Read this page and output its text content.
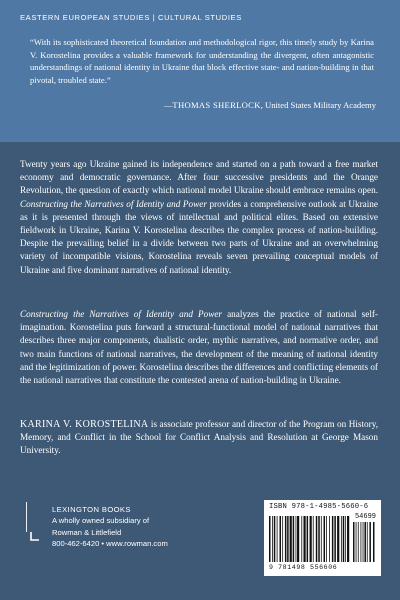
EASTERN EUROPEAN STUDIES | CULTURAL STUDIES
“With its sophisticated theoretical foundation and methodological rigor, this timely study by Karina V. Korostelina provides a valuable framework for understanding the divergent, often antagonistic understandings of national identity in Ukraine that block effective state- and nation-building in that pivotal, troubled state.”
—THOMAS SHERLOCK, United States Military Academy
Twenty years ago Ukraine gained its independence and started on a path toward a free market economy and democratic governance. After four successive presidents and the Orange Revolution, the question of exactly which national model Ukraine should embrace remains open. Constructing the Narratives of Identity and Power provides a comprehensive outlook at Ukraine as it is presented through the views of intellectual and political elites. Based on extensive fieldwork in Ukraine, Karina V. Korostelina describes the complex process of nation-building. Despite the prevailing belief in a divide between two parts of Ukraine and an overwhelming variety of incompatible visions, Korostelina reveals seven prevailing conceptual models of Ukraine and five dominant narratives of national identity.
Constructing the Narratives of Identity and Power analyzes the practice of national self-imagination. Korostelina puts forward a structural-functional model of national narratives that describes three major components, dualistic order, mythic narratives, and normative order, and two main functions of national narratives, the development of the meaning of national identity and the legitimization of power. Korostelina describes the differences and conflicting elements of the national narratives that constitute the contested arena of nation-building in Ukraine.
KARINA V. KOROSTELINA is associate professor and director of the Program on History, Memory, and Conflict in the School for Conflict Analysis and Resolution at George Mason University.
LEXINGTON BOOKS
A wholly owned subsidiary of
Rowman & Littlefield
800-462-6420 • www.rowman.com
ISBN 978-1-4985-5660-6
54699
9 781498 556606
